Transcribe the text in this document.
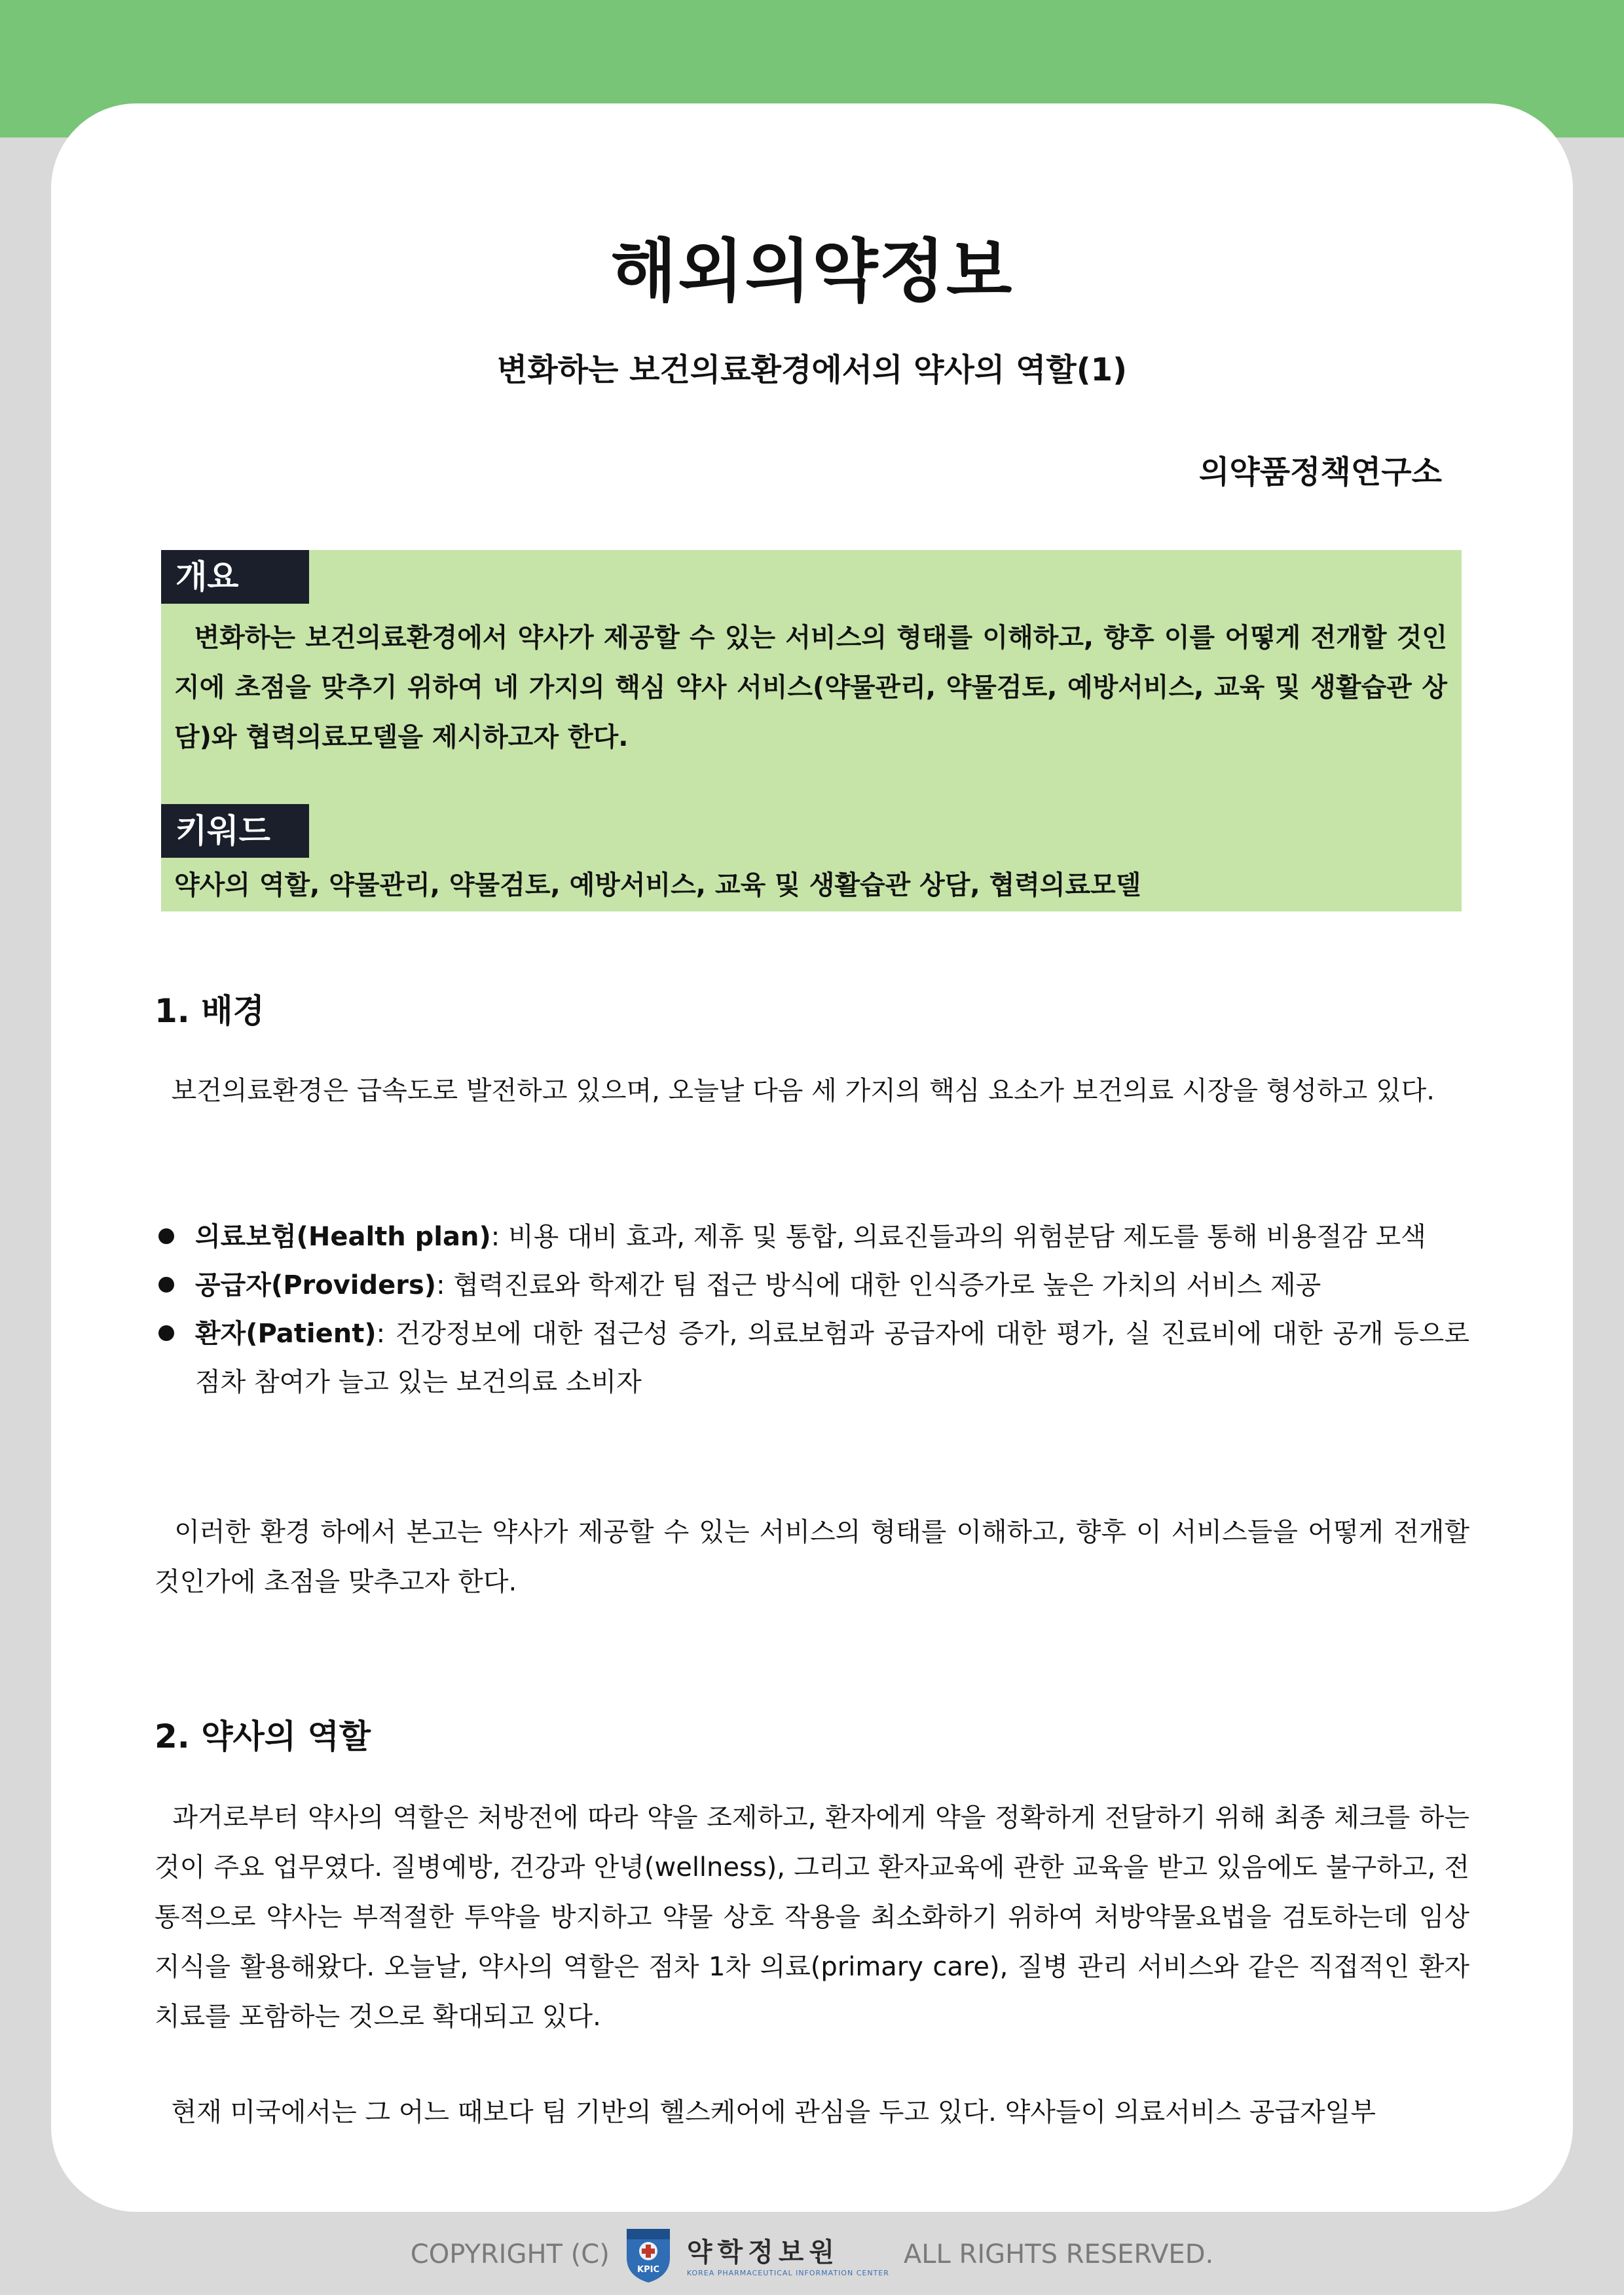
해외의약정보
변화하는 보건의료환경에서의 약사의 역할(1)
의약품정책연구소
개요

변화하는 보건의료환경에서 약사가 제공할 수 있는 서비스의 형태를 이해하고, 향후 이를 어떻게 전개할 것인지에 초점을 맞추기 위하여 네 가지의 핵심 약사 서비스(약물관리, 약물검토, 예방서비스, 교육 및 생활습관 상담)와 협력의료모델을 제시하고자 한다.

키워드

약사의 역할, 약물관리, 약물검토, 예방서비스, 교육 및 생활습관 상담, 협력의료모델

1. 배경

보건의료환경은 급속도로 발전하고 있으며, 오늘날 다음 세 가지의 핵심 요소가 보건의료 시장을 형성하고 있다.

의료보험(Health plan): 비용 대비 효과, 제휴 및 통합, 의료진들과의 위험분담 제도를 통해 비용절감 모색
공급자(Providers): 협력진료와 학제간 팀 접근 방식에 대한 인식증가로 높은 가치의 서비스 제공
환자(Patient): 건강정보에 대한 접근성 증가, 의료보험과 공급자에 대한 평가, 실 진료비에 대한 공개 등으로 점차 참여가 늘고 있는 보건의료 소비자

이러한 환경 하에서 본고는 약사가 제공할 수 있는 서비스의 형태를 이해하고, 향후 이 서비스들을 어떻게 전개할 것인가에 초점을 맞추고자 한다.

2. 약사의 역할

과거로부터 약사의 역할은 처방전에 따라 약을 조제하고, 환자에게 약을 정확하게 전달하기 위해 최종 체크를 하는 것이 주요 업무였다. 질병예방, 건강과 안녕(wellness), 그리고 환자교육에 관한 교육을 받고 있음에도 불구하고, 전통적으로 약사는 부적절한 투약을 방지하고 약물 상호 작용을 최소화하기 위하여 처방약물요법을 검토하는데 임상 지식을 활용해왔다. 오늘날, 약사의 역할은 점차 1차 의료(primary care), 질병 관리 서비스와 같은 직접적인 환자 치료를 포함하는 것으로 확대되고 있다.

현재 미국에서는 그 어느 때보다 팀 기반의 헬스케어에 관심을 두고 있다. 약사들이 의료서비스 공급자일부

COPYRIGHT (C)
KPIC
약학정보원
KOREA PHARMACEUTICAL INFORMATION CENTER
ALL RIGHTS RESERVED.
